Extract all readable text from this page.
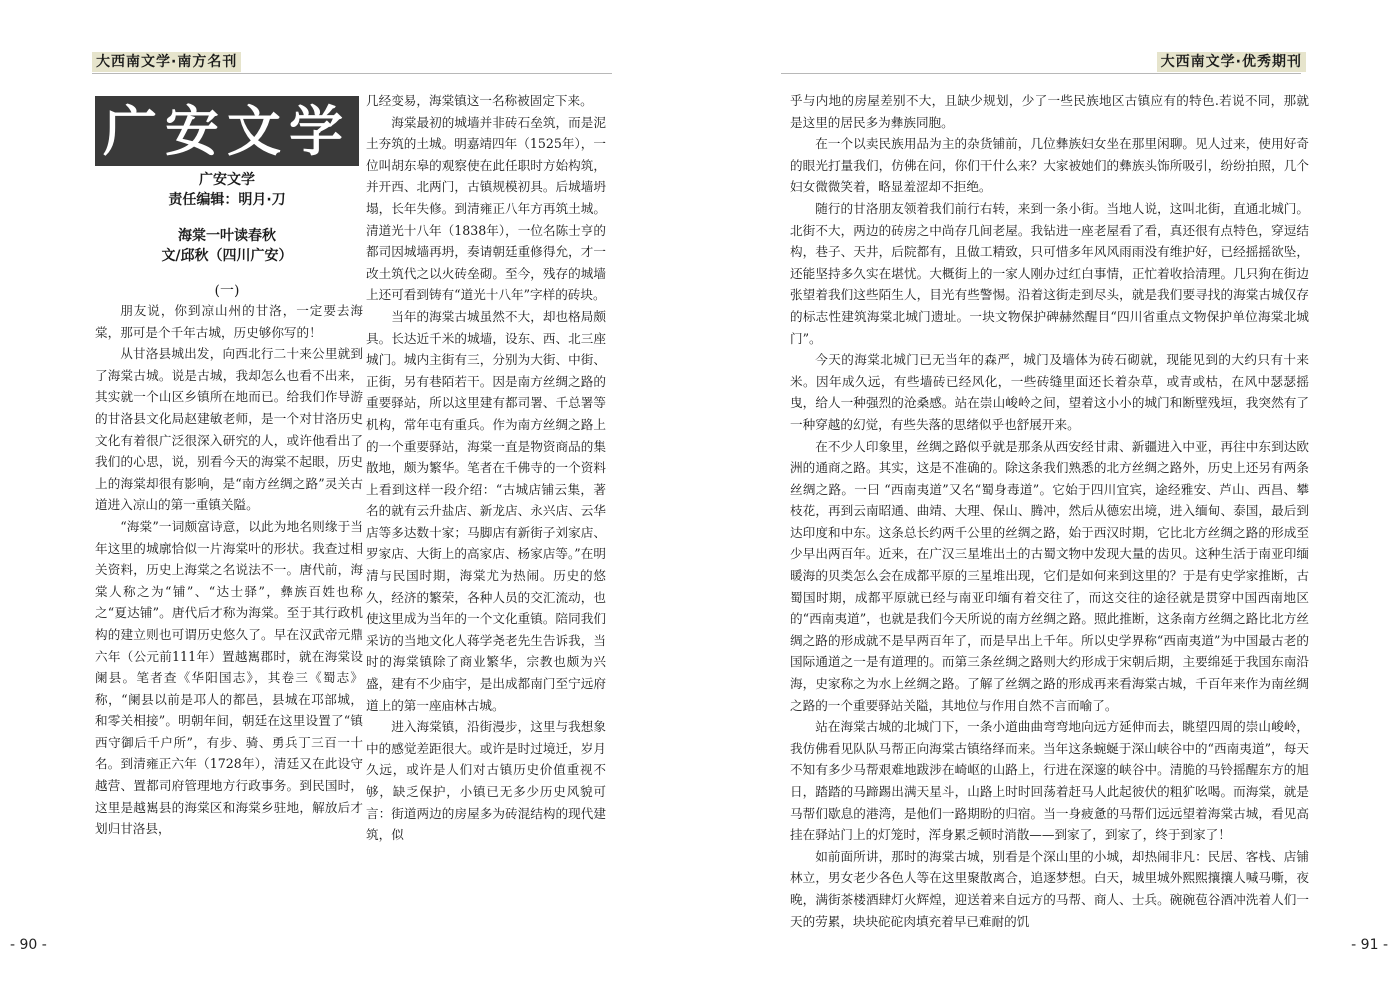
大西南文学·南方名刊
广安文学
广安文学
责任编辑：明月·刀
海棠一叶读春秋
文/邱秋（四川广安）
(一)

朋友说，你到凉山州的甘洛，一定要去海棠，那可是个千年古城，历史够你写的！

从甘洛县城出发，向西北行二十来公里就到了海棠古城。说是古城，我却怎么也看不出来，其实就一个山区乡镇所在地而已。给我们作导游的甘洛县文化局赵建敏老师，是一个对甘洛历史文化有着很广泛很深入研究的人，或许他看出了我们的心思，说，别看今天的海棠不起眼，历史上的海棠却很有影响，是“南方丝绸之路”灵关古道进入凉山的第一重镇关隘。

“海棠”一词颇富诗意，以此为地名则缘于当年这里的城廓恰似一片海棠叶的形状。我查过相关资料，历史上海棠之名说法不一。唐代前，海棠人称之为“铺”、“达士驿”，彝族百姓也称之“夏达铺”。唐代后才称为海棠。至于其行政机构的建立则也可谓历史悠久了。早在汉武帝元鼎六年（公元前111年）置越嶲郡时，就在海棠设阑县。笔者查《华阳国志》，其卷三《蜀志》称，“阑县以前是邛人的都邑，县城在邛部城，和零关相接”。明朝年间，朝廷在这里设置了“镇西守御后千户所”，有步、骑、勇兵丁三百一十名。到清雍正六年（1728年），清廷又在此设守越营、置都司府管理地方行政事务。到民国时，这里是越嶲县的海棠区和海棠乡驻地，解放后才划归甘洛县，

几经变易，海棠镇这一名称被固定下来。

海棠最初的城墙并非砖石垒筑，而是泥土夯筑的土城。明嘉靖四年（1525年），一位叫胡东皋的观察使在此任职时方始构筑，并开西、北两门，古镇规模初具。后城墙坍塌，长年失修。到清雍正八年方再筑土城。清道光十八年（1838年），一位名陈士亨的都司因城墙再坍，奏请朝廷重修得允，才一改土筑代之以火砖垒砌。至今，残存的城墙上还可看到铸有“道光十八年”字样的砖块。

当年的海棠古城虽然不大，却也格局颇具。长达近千米的城墙，设东、西、北三座城门。城内主街有三，分别为大街、中街、正街，另有巷陌若干。因是南方丝绸之路的重要驿站，所以这里建有都司署、千总署等机构，常年屯有重兵。作为南方丝绸之路上的一个重要驿站，海棠一直是物资商品的集散地，颇为繁华。笔者在千佛寺的一个资料上看到这样一段介绍：“古城店铺云集，著名的就有云升盐店、新龙店、永兴店、云华店等多达数十家；马脚店有新街子刘家店、罗家店、大街上的高家店、杨家店等。”在明清与民国时期，海棠尤为热闹。历史的悠久，经济的繁荣，各种人员的交汇流动，也使这里成为当年的一个文化重镇。陪同我们采访的当地文化人蒋学尧老先生告诉我，当时的海棠镇除了商业繁华，宗教也颇为兴盛，建有不少庙宇，是出成都南门至宁远府道上的第一座庙林古城。

进入海棠镇，沿街漫步，这里与我想象中的感觉差距很大。或许是时过境迁，岁月久远，或许是人们对古镇历史价值重视不够，缺乏保护，小镇已无多少历史风貌可言：街道两边的房屋多为砖混结构的现代建筑，似

- 90 -
大西南文学·优秀期刊

乎与内地的房屋差别不大，且缺少规划，少了一些民族地区古镇应有的特色.若说不同，那就是这里的居民多为彝族同胞。

在一个以卖民族用品为主的杂货铺前，几位彝族妇女坐在那里闲聊。见人过来，使用好奇的眼光打量我们，仿佛在问，你们干什么来？大家被她们的彝族头饰所吸引，纷纷拍照，几个妇女微微笑着，略显羞涩却不拒绝。

随行的甘洛朋友领着我们前行右转，来到一条小街。当地人说，这叫北街，直通北城门。北街不大，两边的砖房之中尚存几间老屋。我钻进一座老屋看了看，真还很有点特色，穿逗结构，巷子、天井，后院都有，且做工精致，只可惜多年风风雨雨没有维护好，已经摇摇欲坠，还能坚持多久实在堪忧。大概街上的一家人刚办过红白事情，正忙着收拾清理。几只狗在街边张望着我们这些陌生人，目光有些警惕。沿着这街走到尽头，就是我们要寻找的海棠古城仅存的标志性建筑海棠北城门遗址。一块文物保护碑赫然醒目“四川省重点文物保护单位海棠北城门”。

今天的海棠北城门已无当年的森严，城门及墙体为砖石砌就，现能见到的大约只有十来米。因年成久远，有些墙砖已经风化，一些砖缝里面还长着杂草，或青或枯，在风中瑟瑟摇曳，给人一种强烈的沧桑感。站在崇山峻岭之间，望着这小小的城门和断壁残垣，我突然有了一种穿越的幻觉，有些失落的思绪似乎也舒展开来。

在不少人印象里，丝绸之路似乎就是那条从西安经甘肃、新疆进入中亚，再往中东到达欧洲的通商之路。其实，这是不准确的。除这条我们熟悉的北方丝绸之路外，历史上还另有两条丝绸之路。一曰 “西南夷道”又名“蜀身毒道”。它始于四川宜宾，途经雅安、芦山、西昌、攀枝花，再到云南昭通、曲靖、大理、保山、腾冲，然后从德宏出境，进入缅甸、泰国，最后到达印度和中东。这条总长约两千公里的丝绸之路，始于西汉时期，它比北方丝绸之路的形成至少早出两百年。近来，在广汉三星堆出土的古蜀文物中发现大量的齿贝。这种生活于南亚印缅暖海的贝类怎么会在成都平原的三星堆出现，它们是如何来到这里的？于是有史学家推断，古蜀国时期，成都平原就已经与南亚印缅有着交往了，而这交往的途径就是贯穿中国西南地区的“西南夷道”，也就是我们今天所说的南方丝绸之路。照此推断，这条南方丝绸之路比北方丝绸之路的形成就不是早两百年了，而是早出上千年。所以史学界称“西南夷道”为中国最古老的国际通道之一是有道理的。而第三条丝绸之路则大约形成于宋朝后期，主要绵延于我国东南沿海，史家称之为水上丝绸之路。了解了丝绸之路的形成再来看海棠古城，千百年来作为南丝绸之路的一个重要驿站关隘，其地位与作用自然不言而喻了。

站在海棠古城的北城门下，一条小道曲曲弯弯地向远方延伸而去，眺望四周的崇山峻岭，我仿佛看见队队马帮正向海棠古镇络绎而来。当年这条蜿蜒于深山峡谷中的“西南夷道”，每天不知有多少马帮艰难地跋涉在崎岖的山路上，行进在深邃的峡谷中。清脆的马铃摇醒东方的旭日，踏踏的马蹄踢出满天星斗，山路上时时回荡着赶马人此起彼伏的粗犷吆喝。而海棠，就是马帮们歇息的港湾，是他们一路期盼的归宿。当一身疲惫的马帮们远远望着海棠古城，看见高挂在驿站门上的灯笼时，浑身累乏顿时消散——到家了，到家了，终于到家了！

如前面所讲，那时的海棠古城，别看是个深山里的小城，却热闹非凡：民居、客栈、店铺林立，男女老少各色人等在这里聚散离合，追逐梦想。白天，城里城外熙熙攘攘人喊马嘶，夜晚，满街茶楼酒肆灯火辉煌，迎送着来自远方的马帮、商人、士兵。碗碗苞谷酒冲洗着人们一天的劳累，块块砣砣肉填充着早已难耐的饥

- 91 -
